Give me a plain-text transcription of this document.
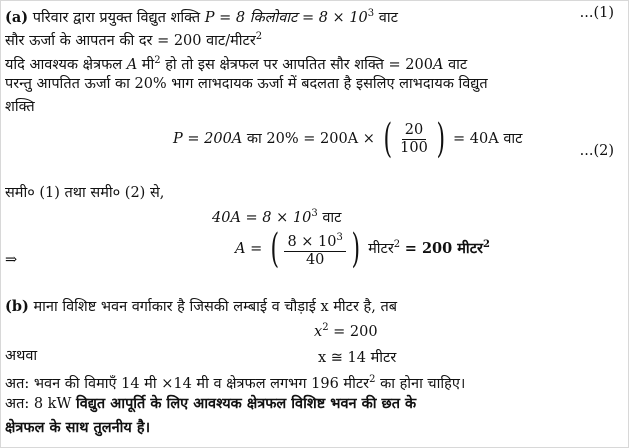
(a) परिवार द्वारा प्रयुक्त विद्युत शक्ति P = 8 किलोवाट = $8 \times 10^3$ वाट	...(1)
सौर ऊर्जा के आपतन की दर = 200 वाट/मीटर$^2$
यदि आवश्यक क्षेत्रफल A मी$^2$ हो तो इस क्षेत्रफल पर आपतित सौर शक्ति = 200A वाट
परन्तु आपतित ऊर्जा का 20% भाग लाभदायक ऊर्जा में बदलता है इसलिए लाभदायक विद्युत
शक्ति
P = 200A का 20% = 200A × ( $\frac{20}{100}$ ) = 40A वाट
...(2)
समी० (1) तथा समी० (2) से,
$40A = 8 \times 10^3$ वाट
⇒
A = ( $\frac{8 \times 10^3}{40}$ ) मीटर$^2$ = 200 मीटर$^2$
(b) माना विशिष्ट भवन वर्गाकार है जिसकी लम्बाई व चौड़ाई x मीटर है, तब
$x^2 = 200$
अथवा	x ≅ 14 मीटर
अत: भवन की विमाएँ 14 मी ×14 मी व क्षेत्रफल लगभग 196 मीटर$^2$ का होना चाहिए।
अत: 8 kW विद्युत आपूर्ति के लिए आवश्यक क्षेत्रफल विशिष्ट भवन की छत के
क्षेत्रफल के साथ तुलनीय है।
